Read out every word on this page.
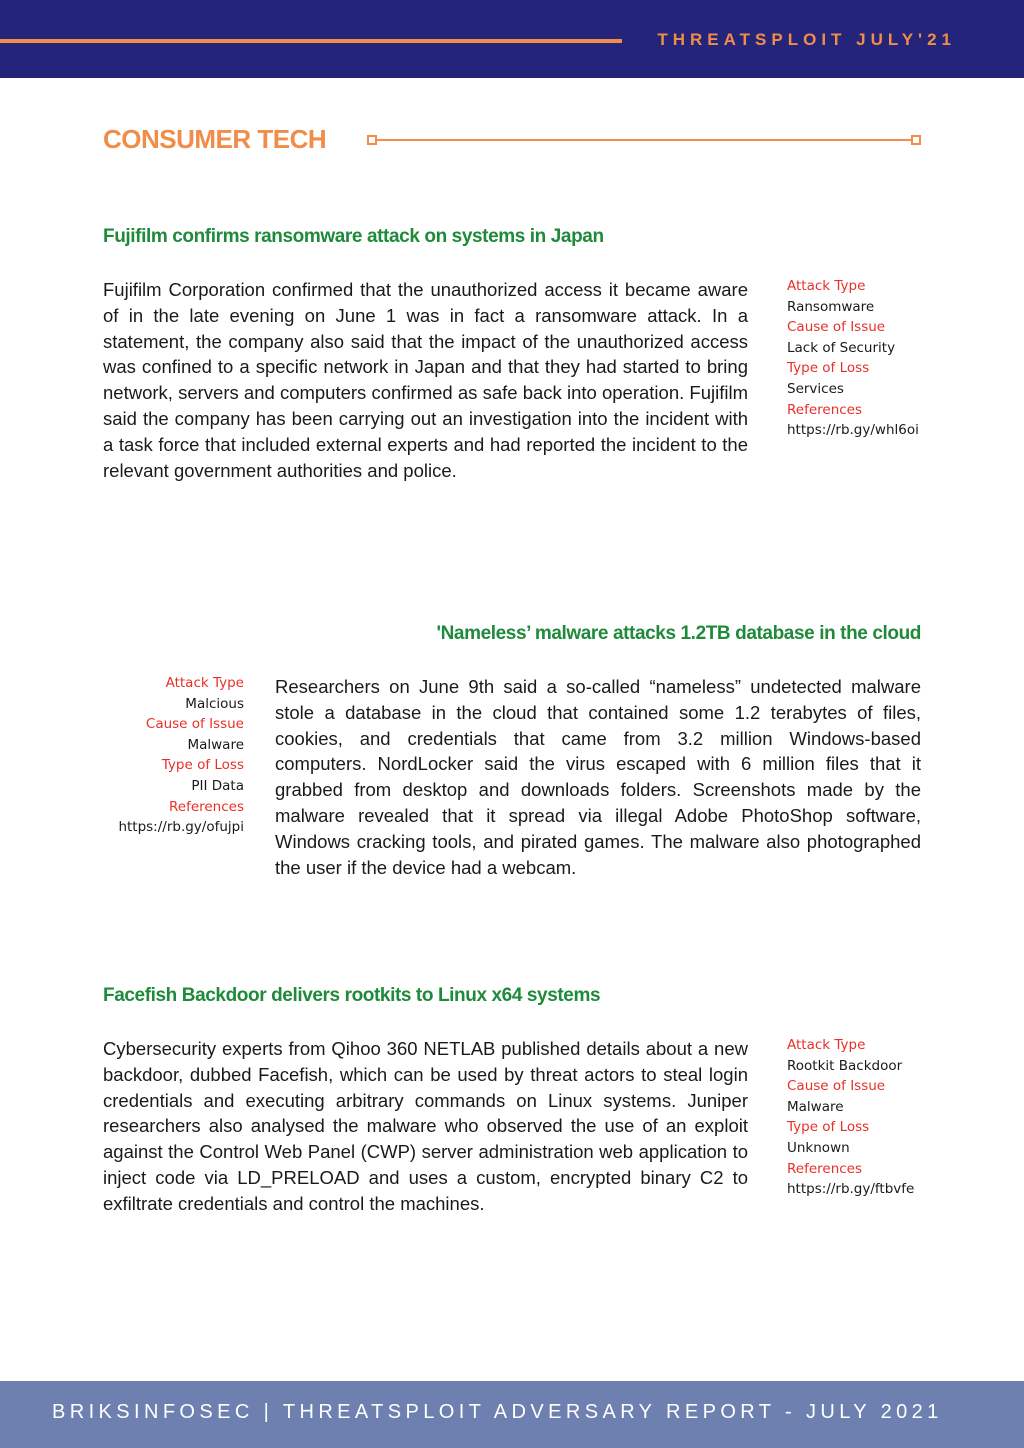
THREATSPLOIT JULY'21
CONSUMER TECH
Fujifilm confirms ransomware attack on systems in Japan
Fujifilm Corporation confirmed that the unauthorized access it became aware of in the late evening on June 1 was in fact a ransomware attack. In a statement, the company also said that the impact of the unauthorized access was confined to a specific network in Japan and that they had started to bring network, servers and computers confirmed as safe back into operation. Fujifilm said the company has been carrying out an investigation into the incident with a task force that included external experts and had reported the incident to the relevant government authorities and police.
Attack Type
Ransomware
Cause of Issue
Lack of Security
Type of Loss
Services
References
https://rb.gy/whl6oi
'Nameless’ malware attacks 1.2TB database in the cloud
Researchers on June 9th said a so-called “nameless” undetected malware stole a database in the cloud that contained some 1.2 terabytes of files, cookies, and credentials that came from 3.2 million Windows-based computers. NordLocker said the virus escaped with 6 million files that it grabbed from desktop and downloads folders. Screenshots made by the malware revealed that it spread via illegal Adobe PhotoShop software, Windows cracking tools, and pirated games. The malware also photographed the user if the device had a webcam.
Attack Type
Malcious
Cause of Issue
Malware
Type of Loss
PII Data
References
https://rb.gy/ofujpi
Facefish Backdoor delivers rootkits to Linux x64 systems
Cybersecurity experts from Qihoo 360 NETLAB published details about a new backdoor, dubbed Facefish, which can be used by threat actors to steal login credentials and executing arbitrary commands on Linux systems. Juniper researchers also analysed the malware who observed the use of an exploit against the Control Web Panel (CWP) server administration web application to inject code via LD_PRELOAD and uses a custom, encrypted binary C2 to exfiltrate credentials and control the machines.
Attack Type
Rootkit Backdoor
Cause of Issue
Malware
Type of Loss
Unknown
References
https://rb.gy/ftbvfe
BRIKSINFOSEC | THREATSPLOIT ADVERSARY REPORT - JULY 2021
